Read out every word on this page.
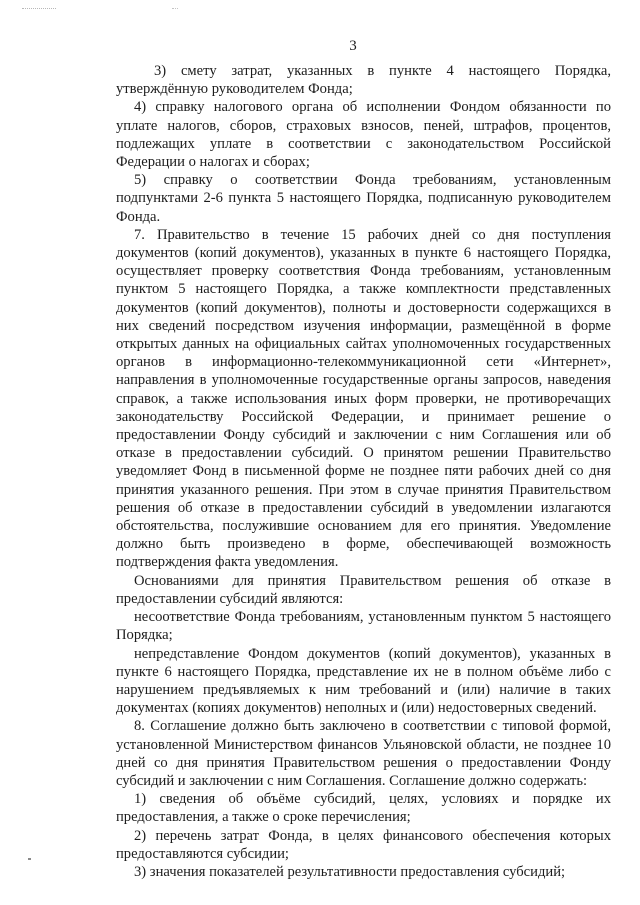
3

3) смету затрат, указанных в пункте 4 настоящего Порядка, утверждённую руководителем Фонда;

4) справку налогового органа об исполнении Фондом обязанности по уплате налогов, сборов, страховых взносов, пеней, штрафов, процентов, подлежащих уплате в соответствии с законодательством Российской Федерации о налогах и сборах;

5) справку о соответствии Фонда требованиям, установленным подпунктами 2-6 пункта 5 настоящего Порядка, подписанную руководителем Фонда.

7. Правительство в течение 15 рабочих дней со дня поступления документов (копий документов), указанных в пункте 6 настоящего Порядка, осуществляет проверку соответствия Фонда требованиям, установленным пунктом 5 настоящего Порядка, а также комплектности представленных документов (копий документов), полноты и достоверности содержащихся в них сведений посредством изучения информации, размещённой в форме открытых данных на официальных сайтах уполномоченных государственных органов в информационно-телекоммуникационной сети «Интернет», направления в уполномоченные государственные органы запросов, наведения справок, а также использования иных форм проверки, не противоречащих законодательству Российской Федерации, и принимает решение о предоставлении Фонду субсидий и заключении с ним Соглашения или об отказе в предоставлении субсидий. О принятом решении Правительство уведомляет Фонд в письменной форме не позднее пяти рабочих дней со дня принятия указанного решения. При этом в случае принятия Правительством решения об отказе в предоставлении субсидий в уведомлении излагаются обстоятельства, послужившие основанием для его принятия. Уведомление должно быть произведено в форме, обеспечивающей возможность подтверждения факта уведомления.

Основаниями для принятия Правительством решения об отказе в предоставлении субсидий являются:

несоответствие Фонда требованиям, установленным пунктом 5 настоящего Порядка;

непредставление Фондом документов (копий документов), указанных в пункте 6 настоящего Порядка, представление их не в полном объёме либо с нарушением предъявляемых к ним требований и (или) наличие в таких документах (копиях документов) неполных и (или) недостоверных сведений.

8. Соглашение должно быть заключено в соответствии с типовой формой, установленной Министерством финансов Ульяновской области, не позднее 10 дней со дня принятия Правительством решения о предоставлении Фонду субсидий и заключении с ним Соглашения. Соглашение должно содержать:

1) сведения об объёме субсидий, целях, условиях и порядке их предоставления, а также о сроке перечисления;

2) перечень затрат Фонда, в целях финансового обеспечения которых предоставляются субсидии;

3) значения показателей результативности предоставления субсидий;
